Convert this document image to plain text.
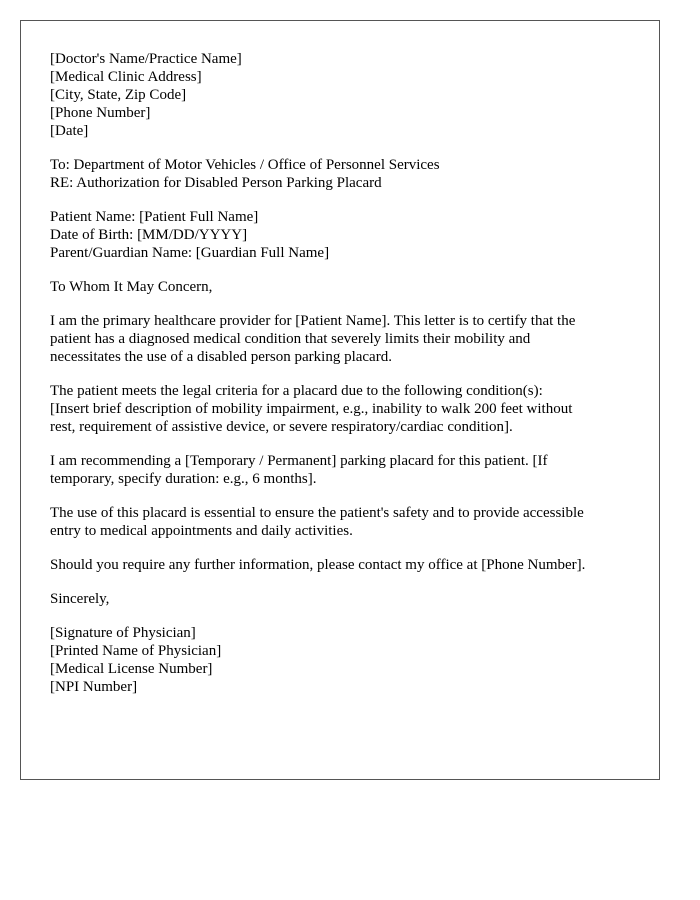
[Doctor's Name/Practice Name]
[Medical Clinic Address]
[City, State, Zip Code]
[Phone Number]
[Date]
To: Department of Motor Vehicles / Office of Personnel Services
RE: Authorization for Disabled Person Parking Placard
Patient Name: [Patient Full Name]
Date of Birth: [MM/DD/YYYY]
Parent/Guardian Name: [Guardian Full Name]
To Whom It May Concern,
I am the primary healthcare provider for [Patient Name]. This letter is to certify that the
patient has a diagnosed medical condition that severely limits their mobility and
necessitates the use of a disabled person parking placard.
The patient meets the legal criteria for a placard due to the following condition(s):
[Insert brief description of mobility impairment, e.g., inability to walk 200 feet without
rest, requirement of assistive device, or severe respiratory/cardiac condition].
I am recommending a [Temporary / Permanent] parking placard for this patient. [If
temporary, specify duration: e.g., 6 months].
The use of this placard is essential to ensure the patient's safety and to provide accessible
entry to medical appointments and daily activities.
Should you require any further information, please contact my office at [Phone Number].
Sincerely,
[Signature of Physician]
[Printed Name of Physician]
[Medical License Number]
[NPI Number]
